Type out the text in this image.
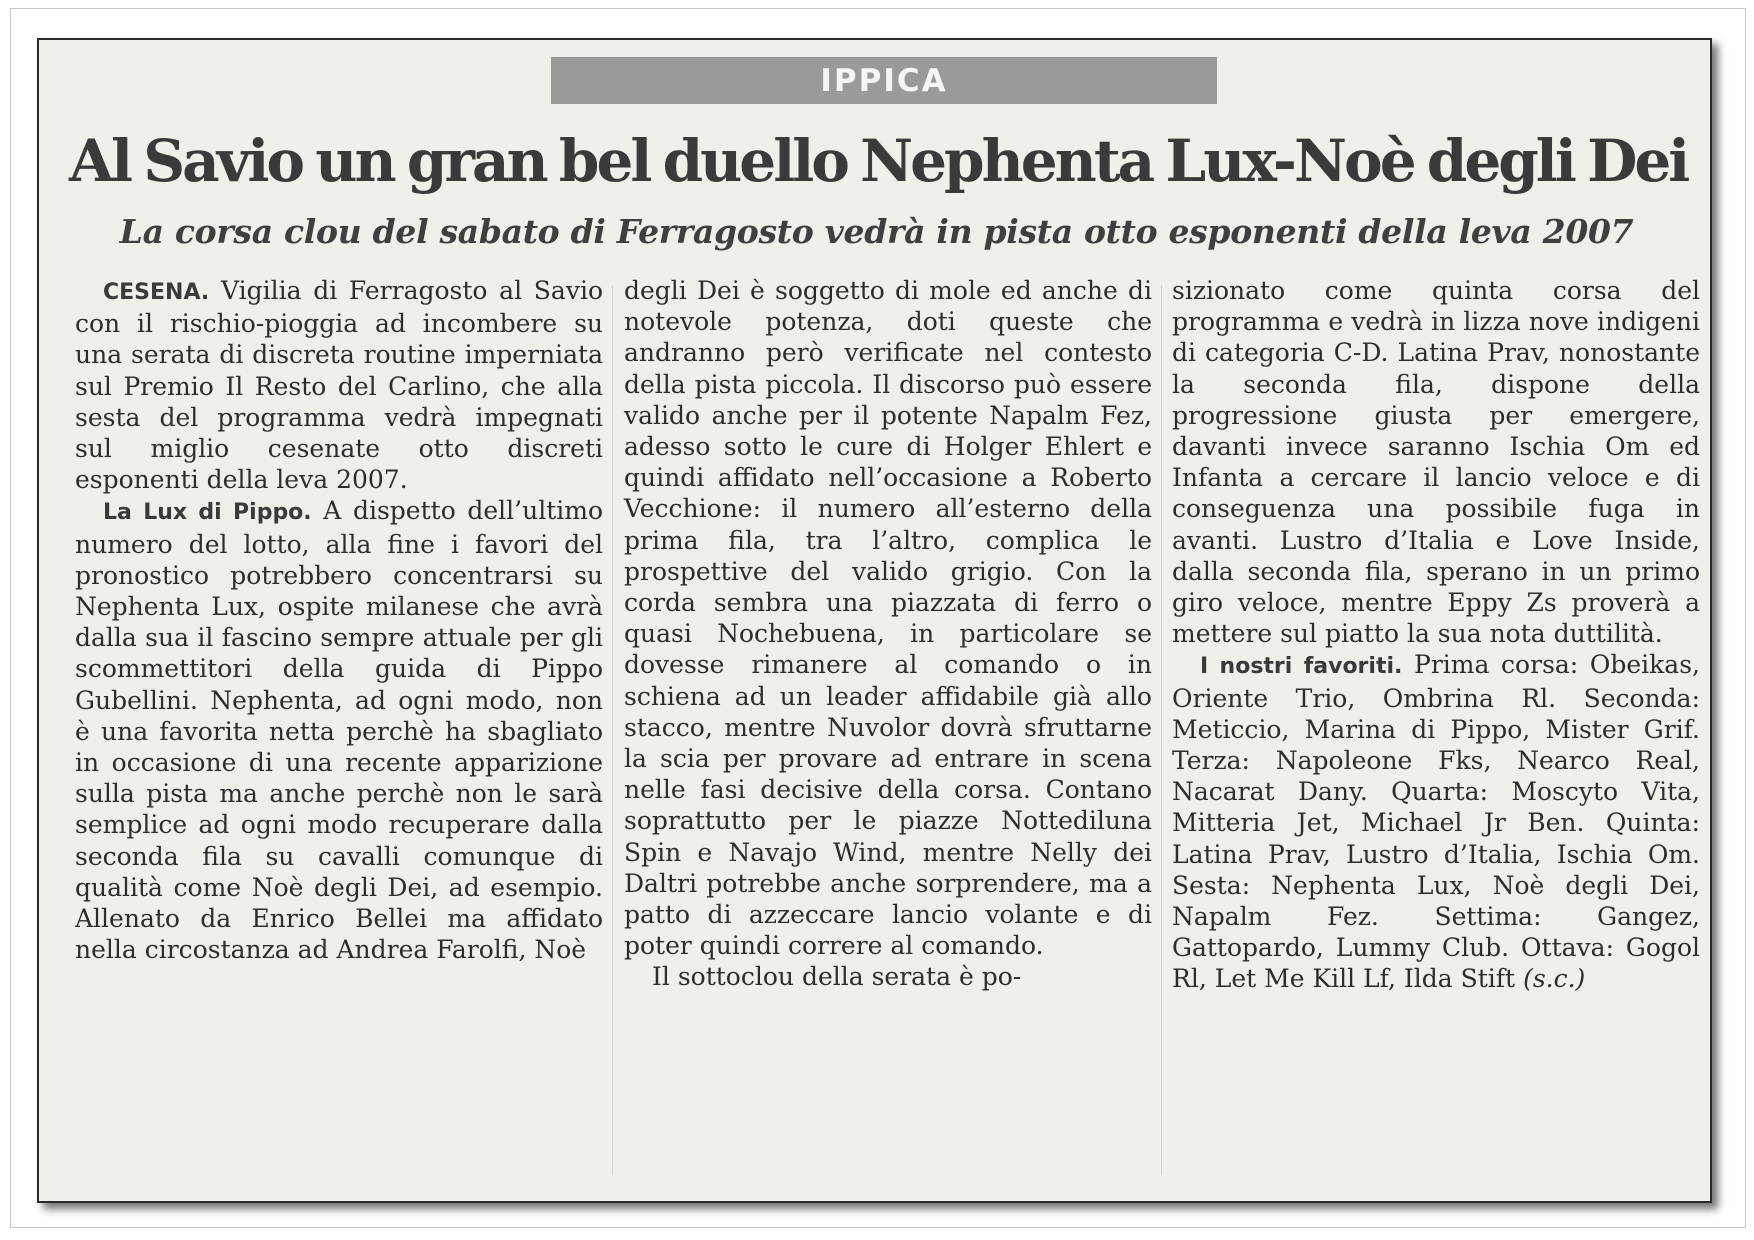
IPPICA
Al Savio un gran bel duello Nephenta Lux-Noè degli Dei
La corsa clou del sabato di Ferragosto vedrà in pista otto esponenti della leva 2007

CESENA. Vigilia di Ferragosto al Savio con il rischio-pioggia ad incombere su una serata di discreta routine imperniata sul Premio Il Resto del Carlino, che alla sesta del programma vedrà impegnati sul miglio cesenate otto discreti esponenti della leva 2007.

La Lux di Pippo. A dispetto dell’ultimo numero del lotto, alla fine i favori del pronostico potrebbero concentrarsi su Nephenta Lux, ospite milanese che avrà dalla sua il fascino sempre attuale per gli scommettitori della guida di Pippo Gubellini. Nephenta, ad ogni modo, non è una favorita netta perchè ha sbagliato in occasione di una recente apparizione sulla pista ma anche perchè non le sarà semplice ad ogni modo recuperare dalla seconda fila su cavalli comunque di qualità come Noè degli Dei, ad esempio. Allenato da Enrico Bellei ma affidato nella circostanza ad Andrea Farolfi, Noè

degli Dei è soggetto di mole ed anche di notevole potenza, doti queste che andranno però verificate nel contesto della pista piccola. Il discorso può essere valido anche per il potente Napalm Fez, adesso sotto le cure di Holger Ehlert e quindi affidato nell’occasione a Roberto Vecchione: il numero all’esterno della prima fila, tra l’altro, complica le prospettive del valido grigio. Con la corda sembra una piazzata di ferro o quasi Nochebuena, in particolare se dovesse rimanere al comando o in schiena ad un leader affidabile già allo stacco, mentre Nuvolor dovrà sfruttarne la scia per provare ad entrare in scena nelle fasi decisive della corsa. Contano soprattutto per le piazze Nottediluna Spin e Navajo Wind, mentre Nelly dei Daltri potrebbe anche sorprendere, ma a patto di azzeccare lancio volante e di poter quindi correre al comando.

Il sottoclou della serata è po-

sizionato come quinta corsa del programma e vedrà in lizza nove indigeni di categoria C-D. Latina Prav, nonostante la seconda fila, dispone della progressione giusta per emergere, davanti invece saranno Ischia Om ed Infanta a cercare il lancio veloce e di conseguenza una possibile fuga in avanti. Lustro d’Italia e Love Inside, dalla seconda fila, sperano in un primo giro veloce, mentre Eppy Zs proverà a mettere sul piatto la sua nota duttilità.

I nostri favoriti. Prima corsa: Obeikas, Oriente Trio, Ombrina Rl. Seconda: Meticcio, Marina di Pippo, Mister Grif. Terza: Napoleone Fks, Nearco Real, Nacarat Dany. Quarta: Moscyto Vita, Mitteria Jet, Michael Jr Ben. Quinta: Latina Prav, Lustro d’Italia, Ischia Om. Sesta: Nephenta Lux, Noè degli Dei, Napalm Fez. Settima: Gangez, Gattopardo, Lummy Club. Ottava: Gogol Rl, Let Me Kill Lf, Ilda Stift (s.c.)
